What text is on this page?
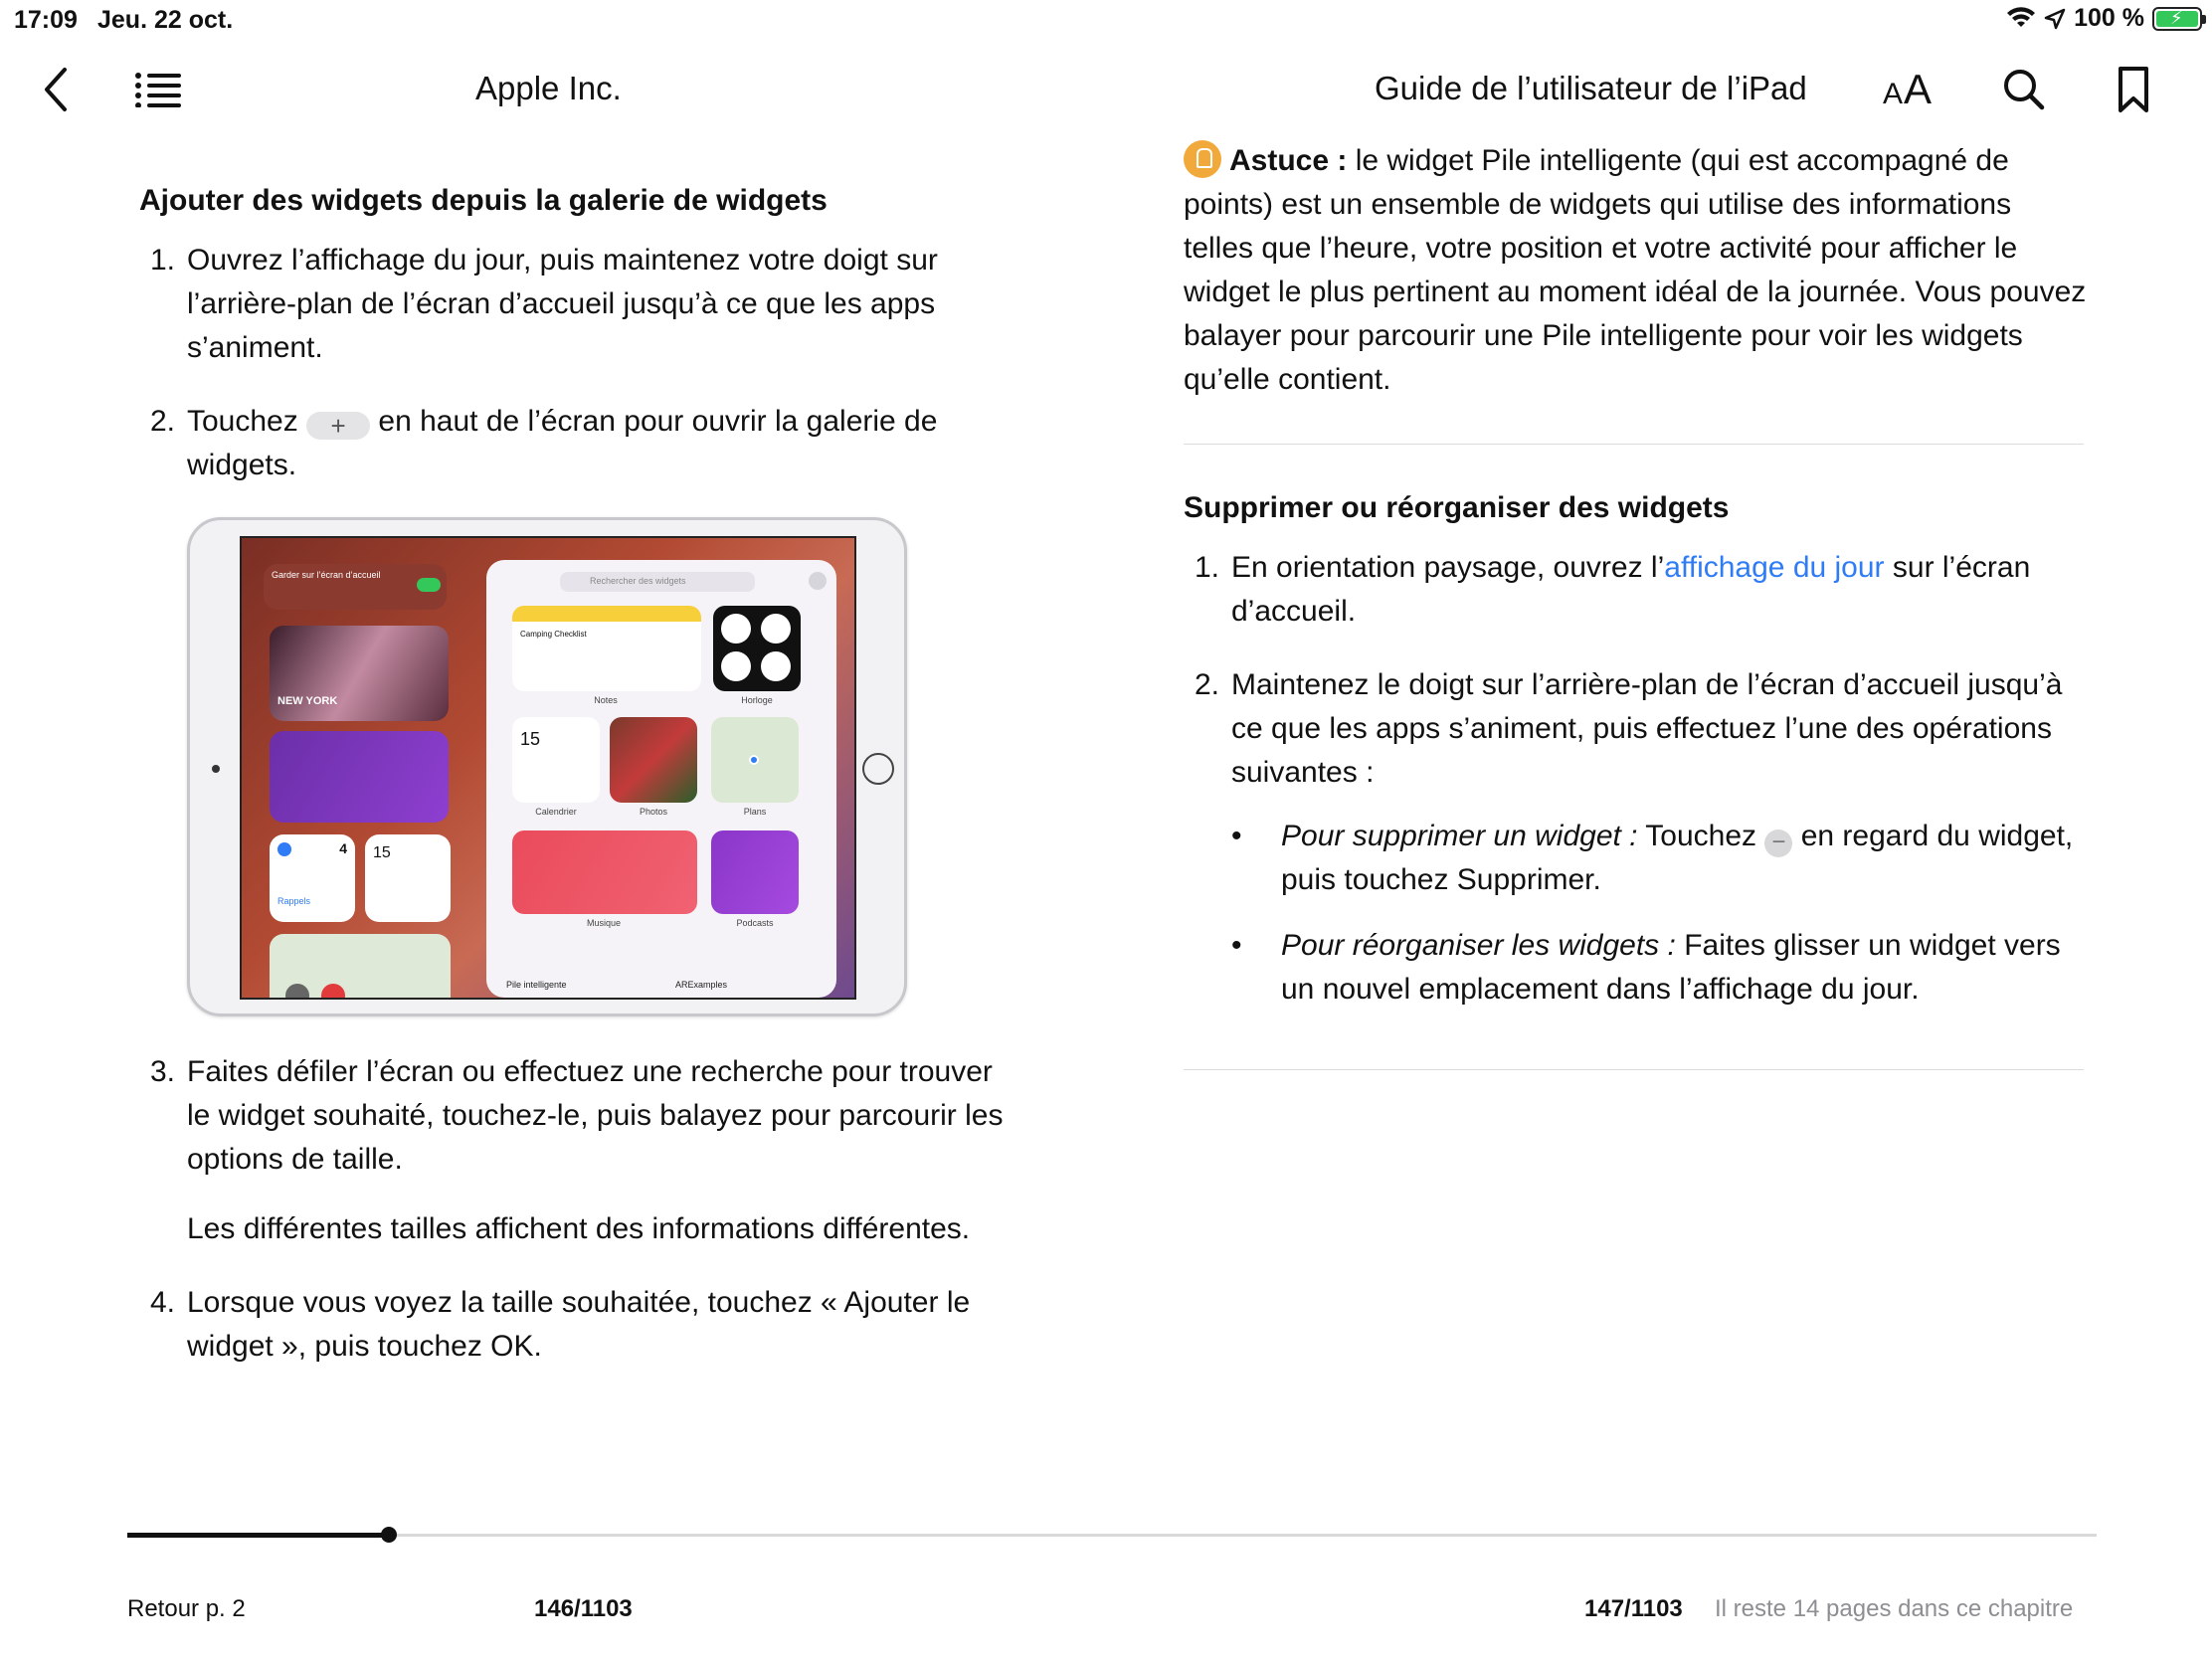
17:09 Jeu. 22 oct.	100 % ⚡
Apple Inc.	Guide de l’utilisateur de l’iPad	AA
Ajouter des widgets depuis la galerie de widgets
1. Ouvrez l’affichage du jour, puis maintenez votre doigt sur l’arrière-plan de l’écran d’accueil jusqu’à ce que les apps s’animent.
2. Touchez + en haut de l’écran pour ouvrir la galerie de widgets.
Garder sur l’écran d’accueil
NEW YORK
4
Rappels
15
Rechercher des widgets
Camping Checklist
Notes	Horloge
15
Calendrier	Photos	Plans
Musique	Podcasts
Pile intelligente	ARExamples
3. Faites défiler l’écran ou effectuez une recherche pour trouver le widget souhaité, touchez-le, puis balayez pour parcourir les options de taille.
Les différentes tailles affichent des informations différentes.
4. Lorsque vous voyez la taille souhaitée, touchez « Ajouter le widget », puis touchez OK.
Astuce : le widget Pile intelligente (qui est accompagné de points) est un ensemble de widgets qui utilise des informations telles que l’heure, votre position et votre activité pour afficher le widget le plus pertinent au moment idéal de la journée. Vous pouvez balayer pour parcourir une Pile intelligente pour voir les widgets qu’elle contient.
Supprimer ou réorganiser des widgets
1. En orientation paysage, ouvrez l’affichage du jour sur l’écran d’accueil.
2. Maintenez le doigt sur l’arrière-plan de l’écran d’accueil jusqu’à ce que les apps s’animent, puis effectuez l’une des opérations suivantes :
•	Pour supprimer un widget : Touchez − en regard du widget, puis touchez Supprimer.
•	Pour réorganiser les widgets : Faites glisser un widget vers un nouvel emplacement dans l’affichage du jour.
Retour p. 2	146/1103	147/1103 Il reste 14 pages dans ce chapitre
